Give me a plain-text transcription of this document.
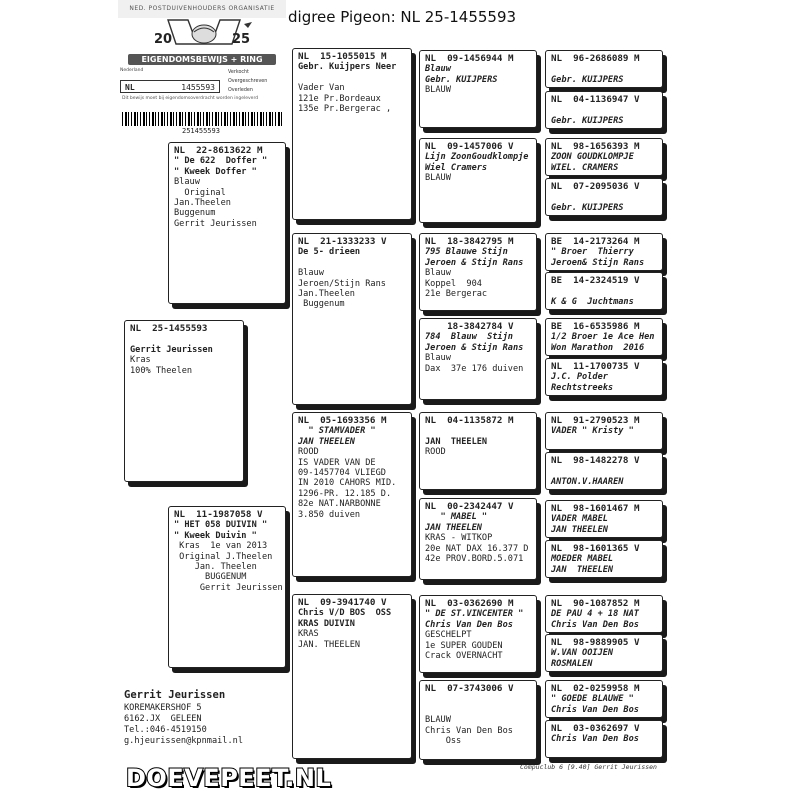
digree Pigeon: NL 25-1455593
NED. POSTDUIVENHOUDERS ORGANISATIE
20	25
EIGENDOMSBEWIJS + RING
Nederland	Verkocht
Overgeschreven
Overleden
NL	1455593
Dit bewijs moet bij eigendomsoverdracht worden ingeleverd
251455593
NL  25-1455593
Gerrit Jeurissen
Kras
100% Theelen
NL  22-8613622 M
" De 622  Doffer "
" Kweek Doffer "
Blauw
Original
Jan.Theelen
Buggenum
Gerrit Jeurissen
NL  11-1987058 V
" HET 058 DUIVIN "
" Kweek Duivin "
Kras  1e van 2013
Original J.Theelen
Jan. Theelen
BUGGENUM
Gerrit Jeurissen
NL  15-1055015 M
Gebr. Kuijpers Neer
Vader Van
121e Pr.Bordeaux
135e Pr.Bergerac ,
NL  21-1333233 V
De 5- drieen
Blauw
Jeroen/Stijn Rans
Jan.Theelen
Buggenum
NL  05-1693356 M
" STAMVADER "
JAN THEELEN
ROOD
IS VADER VAN DE
09-1457704 VLIEGD
IN 2010 CAHORS MID.
1296-PR. 12.185 D.
82e NAT.NARBONNE
3.850 duiven
NL  09-3941740 V
Chris V/D BOS  OSS
KRAS DUIVIN
KRAS
JAN. THEELEN
NL  09-1456944 M
Blauw
Gebr. KUIJPERS
BLAUW
NL  09-1457006 V
Lijn ZoonGoudklompje
Wiel Cramers
BLAUW
NL  18-3842795 M
795 Blauwe Stijn
Jeroen & Stijn Rans
Blauw
Koppel  904
21e Bergerac
18-3842784 V
784  Blauw  Stijn
Jeroen & Stijn Rans
Blauw
Dax  37e 176 duiven
NL  04-1135872 M
JAN  THEELEN
ROOD
NL  00-2342447 V
" MABEL "
JAN THEELEN
KRAS - WITKOP
20e NAT DAX 16.377 D
42e PROV.BORD.5.071
NL  03-0362690 M
" DE ST.VINCENTER "
Chris Van Den Bos
GESCHELPT
1e SUPER GOUDEN
Crack OVERNACHT
NL  07-3743006 V
BLAUW
Chris Van Den Bos
Oss
NL  96-2686089 M
Gebr. KUIJPERS
NL  04-1136947 V
Gebr. KUIJPERS
NL  98-1656393 M
ZOON GOUDKLOMPJE
WIEL. CRAMERS
NL  07-2095036 V
Gebr. KUIJPERS
BE  14-2173264 M
" Broer  Thierry
Jeroen& Stijn Rans
BE  14-2324519 V
K & G  Juchtmans
BE  16-6535986 M
1/2 Broer 1e Ace Hen
Won Marathon  2016
NL  11-1700735 V
J.C. Polder
Rechtstreeks
NL  91-2790523 M
VADER " Kristy "
NL  98-1482278 V
ANTON.V.HAAREN
NL  98-1601467 M
VADER MABEL
JAN THEELEN
NL  98-1601365 V
MOEDER MABEL
JAN  THEELEN
NL  90-1087852 M
DE PAU 4 + 18 NAT
Chris Van Den Bos
NL  98-9889905 V
W.VAN OOIJEN
ROSMALEN
NL  02-0259958 M
" GOEDE BLAUWE "
Chris Van Den Bos
NL  03-0362697 V
Chris Van Den Bos
Gerrit Jeurissen
KOREMAKERSHOF 5
6162.JX  GELEEN
Tel.:046-4519150
g.hjeurissen@kpnmail.nl
Compuclub 6 [9.40] Gerrit Jeurissen
DOEVEPEET.NL
